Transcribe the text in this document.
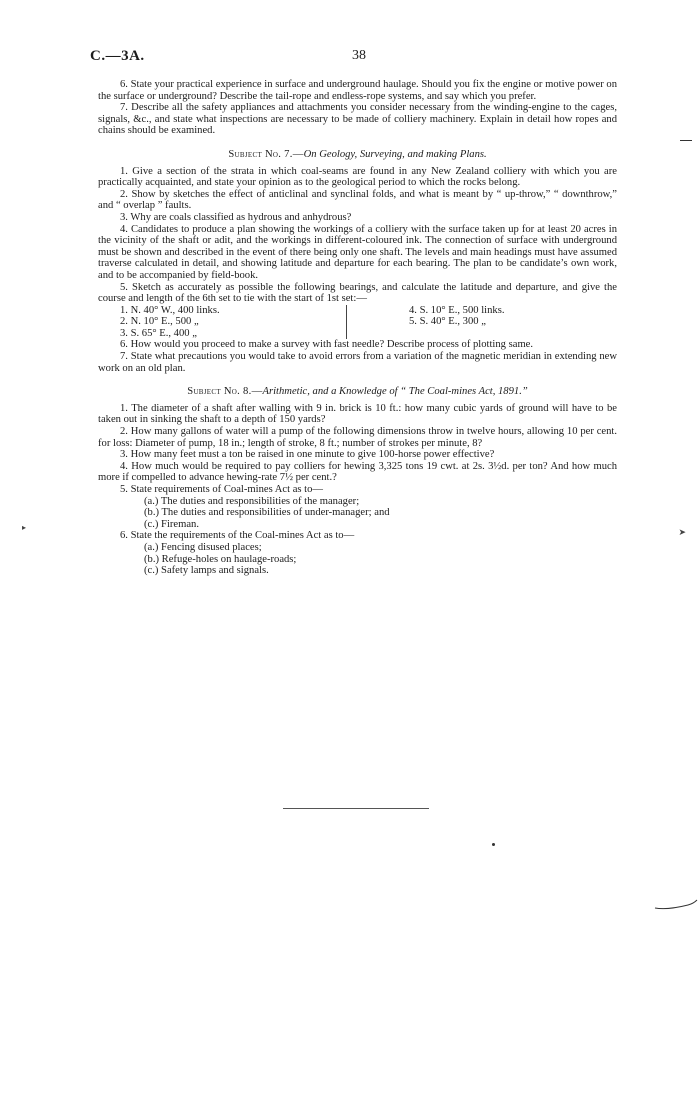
C.—3A.	38

6. State your practical experience in surface and underground haulage. Should you fix the engine or motive power on the surface or underground? Describe the tail-rope and endless-rope systems, and say which you prefer.

7. Describe all the safety appliances and attachments you consider necessary from the winding-engine to the cages, signals, &c., and state what inspections are necessary to be made of colliery machinery. Explain in detail how ropes and chains should be examined.

Subject No. 7.—On Geology, Surveying, and making Plans.

1. Give a section of the strata in which coal-seams are found in any New Zealand colliery with which you are practically acquainted, and state your opinion as to the geological period to which the rocks belong.

2. Show by sketches the effect of anticlinal and synclinal folds, and what is meant by “ up-throw,” “ downthrow,” and “ overlap ” faults.

3. Why are coals classified as hydrous and anhydrous?

4. Candidates to produce a plan showing the workings of a colliery with the surface taken up for at least 20 acres in the vicinity of the shaft or adit, and the workings in different-coloured ink. The connection of surface with underground must be shown and described in the event of there being only one shaft. The levels and main headings must have assumed traverse calculated in detail, and showing latitude and departure for each bearing. The plan to be candidate’s own work, and to be accompanied by field-book.

5. Sketch as accurately as possible the following bearings, and calculate the latitude and departure, and give the course and length of the 6th set to tie with the start of 1st set:—

1. N. 40° W., 400 links.
2. N. 10° E., 500 „
3. S. 65° E., 400 „
4. S. 10° E., 500 links.
5. S. 40° E., 300 „

6. How would you proceed to make a survey with fast needle? Describe process of plotting same.

7. State what precautions you would take to avoid errors from a variation of the magnetic meridian in extending new work on an old plan.

Subject No. 8.—Arithmetic, and a Knowledge of “ The Coal-mines Act, 1891.”

1. The diameter of a shaft after walling with 9 in. brick is 10 ft.: how many cubic yards of ground will have to be taken out in sinking the shaft to a depth of 150 yards?

2. How many gallons of water will a pump of the following dimensions throw in twelve hours, allowing 10 per cent. for loss: Diameter of pump, 18 in.; length of stroke, 8 ft.; number of strokes per minute, 8?

3. How many feet must a ton be raised in one minute to give 100-horse power effective?

4. How much would be required to pay colliers for hewing 3,325 tons 19 cwt. at 2s. 3½d. per ton? And how much more if compelled to advance hewing-rate 7½ per cent.?

5. State requirements of Coal-mines Act as to—

(a.) The duties and responsibilities of the manager;
(b.) The duties and responsibilities of under-manager; and
(c.) Fireman.

6. State the requirements of the Coal-mines Act as to—

(a.) Fencing disused places;
(b.) Refuge-holes on haulage-roads;
(c.) Safety lamps and signals.
▸	➤
